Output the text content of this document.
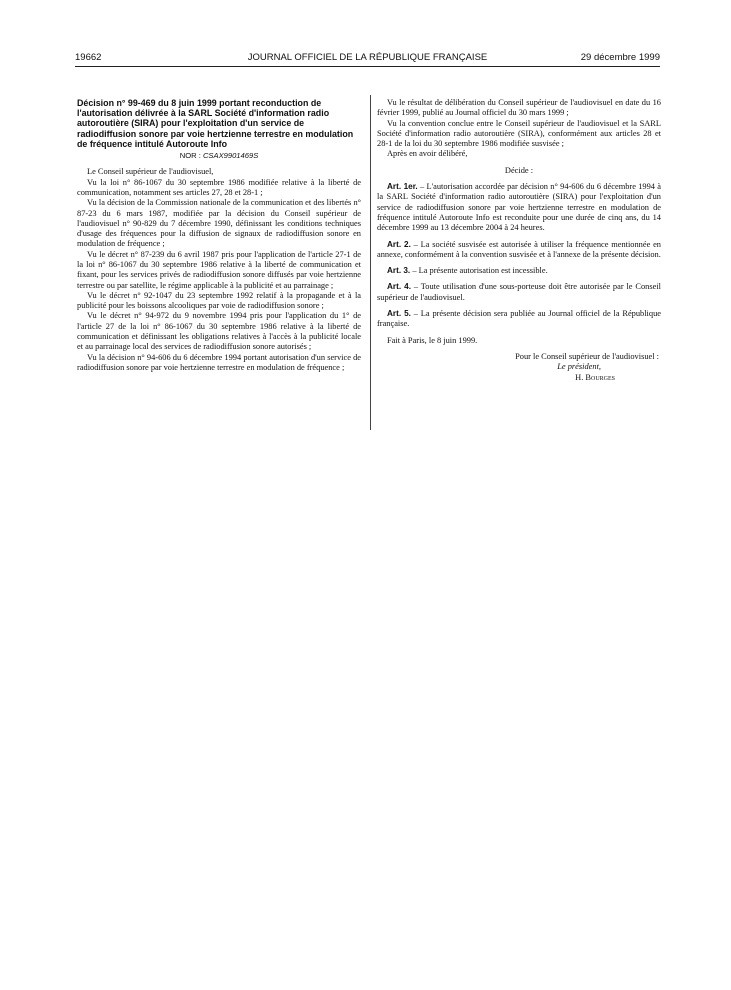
19662	JOURNAL OFFICIEL DE LA RÉPUBLIQUE FRANÇAISE	29 décembre 1999
Décision n° 99-469 du 8 juin 1999 portant reconduction de l'autorisation délivrée à la SARL Société d'information radio autoroutière (SIRA) pour l'exploitation d'un service de radiodiffusion sonore par voie hertzienne terrestre en modulation de fréquence intitulé Autoroute Info
NOR : CSAX9901469S

Le Conseil supérieur de l'audiovisuel,

Vu la loi n° 86-1067 du 30 septembre 1986 modifiée relative à la liberté de communication, notamment ses articles 27, 28 et 28-1 ;

Vu la décision de la Commission nationale de la communication et des libertés n° 87-23 du 6 mars 1987, modifiée par la décision du Conseil supérieur de l'audiovisuel n° 90-829 du 7 décembre 1990, définissant les conditions techniques d'usage des fréquences pour la diffusion de signaux de radiodiffusion sonore en modulation de fréquence ;

Vu le décret n° 87-239 du 6 avril 1987 pris pour l'application de l'article 27-1 de la loi n° 86-1067 du 30 septembre 1986 relative à la liberté de communication et fixant, pour les services privés de radiodiffusion sonore diffusés par voie hertzienne terrestre ou par satellite, le régime applicable à la publicité et au parrainage ;

Vu le décret n° 92-1047 du 23 septembre 1992 relatif à la propagande et à la publicité pour les boissons alcooliques par voie de radiodiffusion sonore ;

Vu le décret n° 94-972 du 9 novembre 1994 pris pour l'application du 1° de l'article 27 de la loi n° 86-1067 du 30 septembre 1986 relative à la liberté de communication et définissant les obligations relatives à l'accès à la publicité locale et au parrainage local des services de radiodiffusion sonore autorisés ;

Vu la décision n° 94-606 du 6 décembre 1994 portant autorisation d'un service de radiodiffusion sonore par voie hertzienne terrestre en modulation de fréquence ;

Vu le résultat de délibération du Conseil supérieur de l'audiovisuel en date du 16 février 1999, publié au Journal officiel du 30 mars 1999 ;

Vu la convention conclue entre le Conseil supérieur de l'audiovisuel et la SARL Société d'information radio autoroutière (SIRA), conformément aux articles 28 et 28-1 de la loi du 30 septembre 1986 modifiée susvisée ;

Après en avoir délibéré,

Décide :

Art. 1er. – L'autorisation accordée par décision n° 94-606 du 6 décembre 1994 à la SARL Société d'information radio autoroutière (SIRA) pour l'exploitation d'un service de radiodiffusion sonore par voie hertzienne terrestre en modulation de fréquence intitulé Autoroute Info est reconduite pour une durée de cinq ans, du 14 décembre 1999 au 13 décembre 2004 à 24 heures.

Art. 2. – La société susvisée est autorisée à utiliser la fréquence mentionnée en annexe, conformément à la convention susvisée et à l'annexe de la présente décision.

Art. 3. – La présente autorisation est incessible.

Art. 4. – Toute utilisation d'une sous-porteuse doit être autorisée par le Conseil supérieur de l'audiovisuel.

Art. 5. – La présente décision sera publiée au Journal officiel de la République française.

Fait à Paris, le 8 juin 1999.

Pour le Conseil supérieur de l'audiovisuel :
Le président,
H. Bourges
